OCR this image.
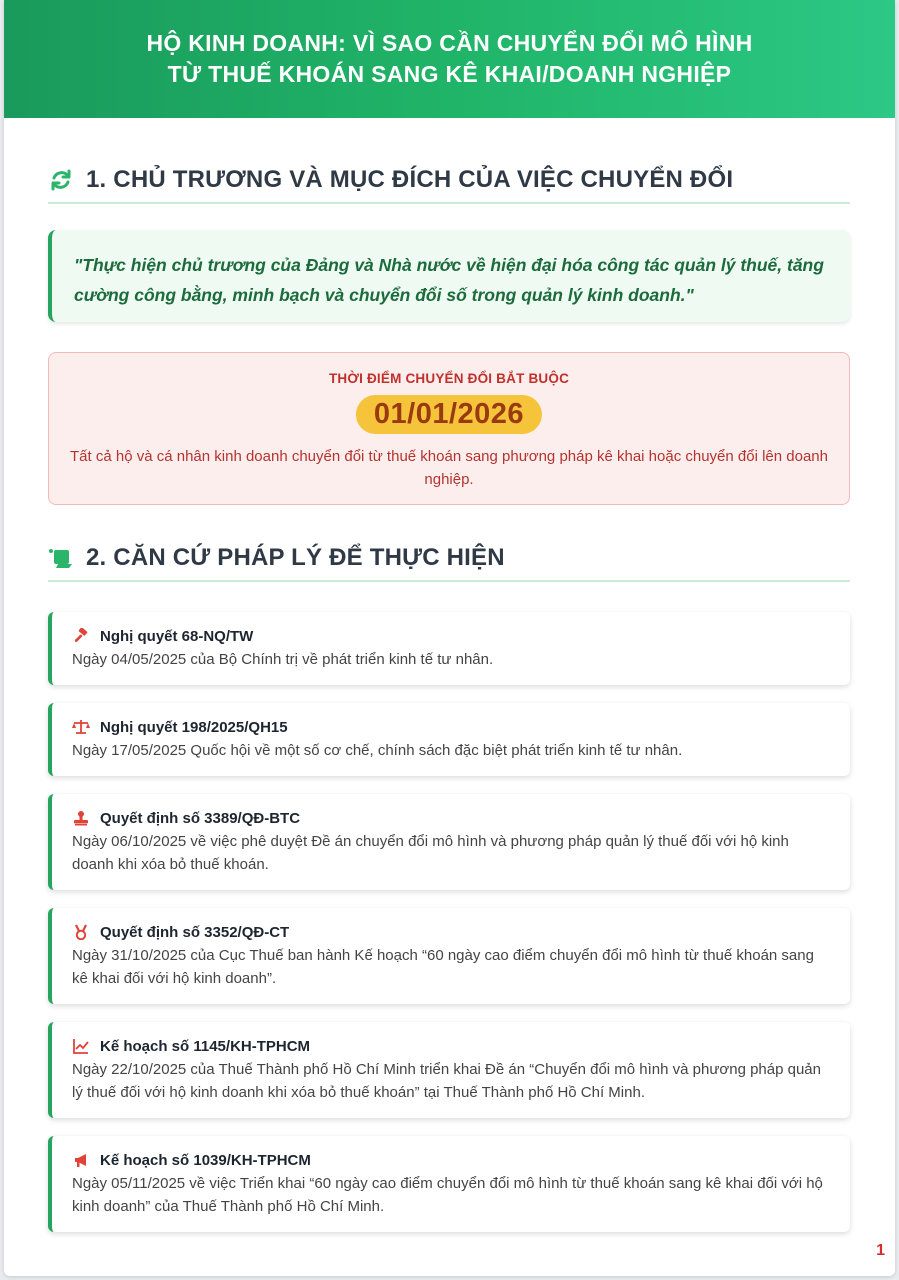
HỘ KINH DOANH: VÌ SAO CẦN CHUYỂN ĐỔI MÔ HÌNH
TỪ THUẾ KHOÁN SANG KÊ KHAI/DOANH NGHIỆP
1. CHỦ TRƯƠNG VÀ MỤC ĐÍCH CỦA VIỆC CHUYỂN ĐỔI

"Thực hiện chủ trương của Đảng và Nhà nước về hiện đại hóa công tác quản lý thuế, tăng cường công bằng, minh bạch và chuyển đổi số trong quản lý kinh doanh."

THỜI ĐIỂM CHUYỂN ĐỔI BẮT BUỘC
01/01/2026
Tất cả hộ và cá nhân kinh doanh chuyển đổi từ thuế khoán sang phương pháp kê khai hoặc chuyển đổi lên doanh nghiệp.
2. CĂN CỨ PHÁP LÝ ĐỂ THỰC HIỆN
Nghị quyết 68-NQ/TW
Ngày 04/05/2025 của Bộ Chính trị về phát triển kinh tế tư nhân.
Nghị quyết 198/2025/QH15
Ngày 17/05/2025 Quốc hội về một số cơ chế, chính sách đặc biệt phát triển kinh tế tư nhân.
Quyết định số 3389/QĐ-BTC
Ngày 06/10/2025 về việc phê duyệt Đề án chuyển đổi mô hình và phương pháp quản lý thuế đối với hộ kinh doanh khi xóa bỏ thuế khoán.
Quyết định số 3352/QĐ-CT
Ngày 31/10/2025 của Cục Thuế ban hành Kế hoạch “60 ngày cao điểm chuyển đổi mô hình từ thuế khoán sang kê khai đối với hộ kinh doanh”.
Kế hoạch số 1145/KH-TPHCM
Ngày 22/10/2025 của Thuế Thành phố Hồ Chí Minh triển khai Đề án “Chuyển đổi mô hình và phương pháp quản lý thuế đối với hộ kinh doanh khi xóa bỏ thuế khoán” tại Thuế Thành phố Hồ Chí Minh.
Kế hoạch số 1039/KH-TPHCM
Ngày 05/11/2025 về việc Triển khai “60 ngày cao điểm chuyển đổi mô hình từ thuế khoán sang kê khai đối với hộ kinh doanh” của Thuế Thành phố Hồ Chí Minh.
1
